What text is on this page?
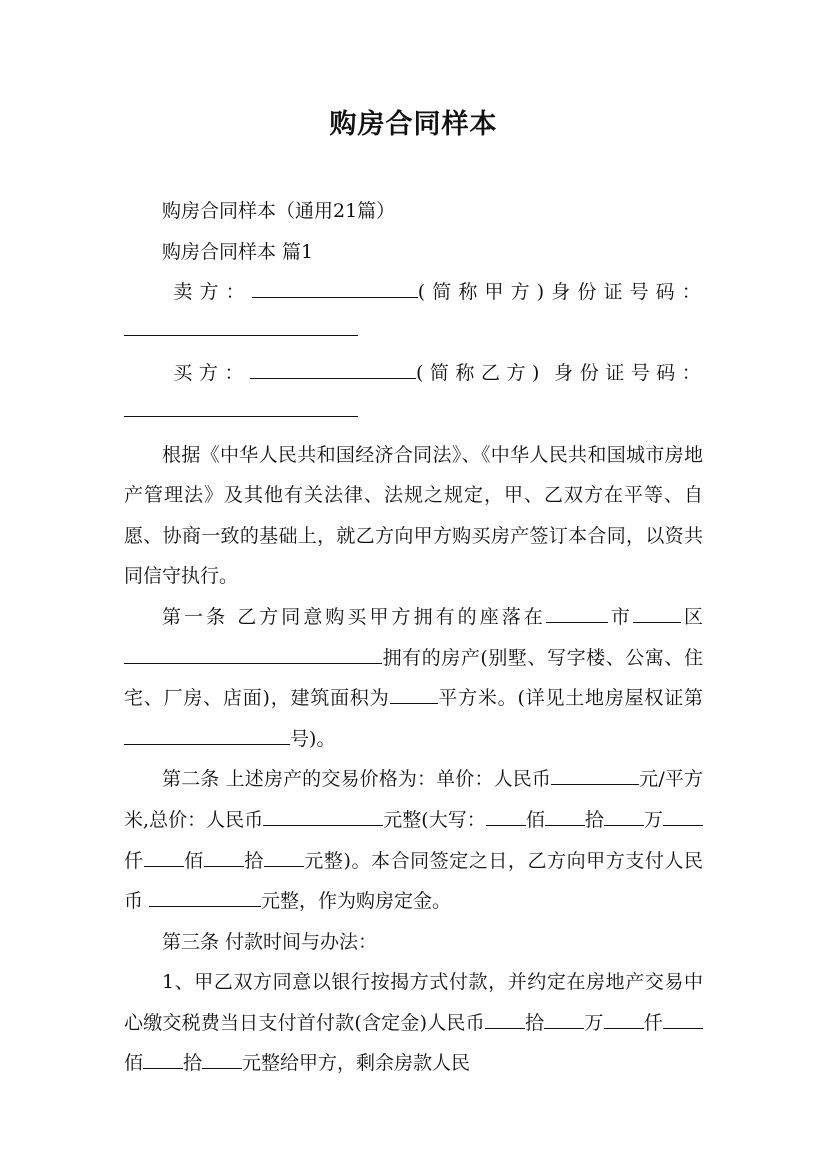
购房合同样本

购房合同样本（通用21篇）

购房合同样本 篇1

卖方：	(简称甲方)身份证号码：

买方：	(简称乙方) 身份证号码：

根据《中华人民共和国经济合同法》、《中华人民共和国城市房地产管理法》及其他有关法律、法规之规定，甲、乙双方在平等、自愿、协商一致的基础上，就乙方向甲方购买房产签订本合同，以资共同信守执行。

第一条 乙方同意购买甲方拥有的座落在	市	区拥有的房产(别墅、写字楼、公寓、住宅、厂房、店面)，建筑面积为	平方米。(详见土地房屋权证第号)。

第二条 上述房产的交易价格为：单价：人民币	元/平方米,总价：人民币	元整(大写： 佰 拾 万仟 佰 拾 元整)。本合同签定之日，乙方向甲方支付人民币	元整，作为购房定金。

第三条 付款时间与办法：

1、甲乙双方同意以银行按揭方式付款，并约定在房地产交易中心缴交税费当日支付首付款(含定金)人民币 拾 万 仟佰 拾 元整给甲方，剩余房款人民
